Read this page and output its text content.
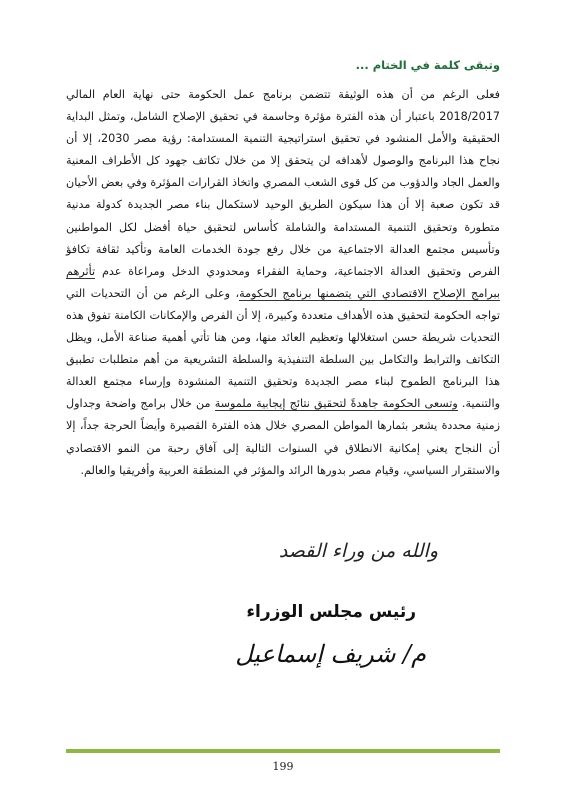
وتبقى كلمة في الختام ...
فعلى الرغم من أن هذه الوثيقة تتضمن برنامج عمل الحكومة حتى نهاية العام المالي 2018/2017 باعتبار أن هذه الفترة مؤثرة وحاسمة في تحقيق الإصلاح الشامل، وتمثل البداية الحقيقية والأمل المنشود في تحقيق استراتيجية التنمية المستدامة: رؤية مصر 2030، إلا أن نجاح هذا البرنامج والوصول لأهدافه لن يتحقق إلا من خلال تكاتف جهود كل الأطراف المعنية والعمل الجاد والدؤوب من كل قوى الشعب المصري واتخاذ القرارات المؤثرة وفي بعض الأحيان قد تكون صعبة إلا أن هذا سيكون الطريق الوحيد لاستكمال بناء مصر الجديدة كدولة مدنية متطورة وتحقيق التنمية المستدامة والشاملة كأساس لتحقيق حياة أفضل لكل المواطنين وتأسيس مجتمع العدالة الاجتماعية من خلال رفع جودة الخدمات العامة وتأكيد ثقافة تكافؤ الفرص وتحقيق العدالة الاجتماعية، وحماية الفقراء ومحدودي الدخل ومراعاة عدم تأثرهم ببرامج الإصلاح الاقتصادي التي يتضمنها برنامج الحكومة، وعلى الرغم من أن التحديات التي تواجه الحكومة لتحقيق هذه الأهداف متعددة وكبيرة، إلا أن الفرص والإمكانات الكامنة تفوق هذه التحديات شريطة حسن استغلالها وتعظيم العائد منها، ومن هنا تأتي أهمية صناعة الأمل، ويظل التكاتف والترابط والتكامل بين السلطة التنفيذية والسلطة التشريعية من أهم متطلبات تطبيق هذا البرنامج الطموح لبناء مصر الجديدة وتحقيق التنمية المنشودة وإرساء مجتمع العدالة والتنمية. وتسعى الحكومة جاهدةً لتحقيق نتائج إيجابية ملموسة من خلال برامج واضحة وجداول زمنية محددة يشعر بثمارها المواطن المصري خلال هذه الفترة القصيرة وأيضاً الحرجة جداً، إلا أن النجاح يعني إمكانية الانطلاق في السنوات التالية إلى آفاق رحبة من النمو الاقتصادي والاستقرار السياسي، وقيام مصر بدورها الرائد والمؤثر في المنطقة العربية وأفريقيا والعالم.
والله من وراء القصد
رئيس مجلس الوزراء
م/ شريف إسماعيل
199
